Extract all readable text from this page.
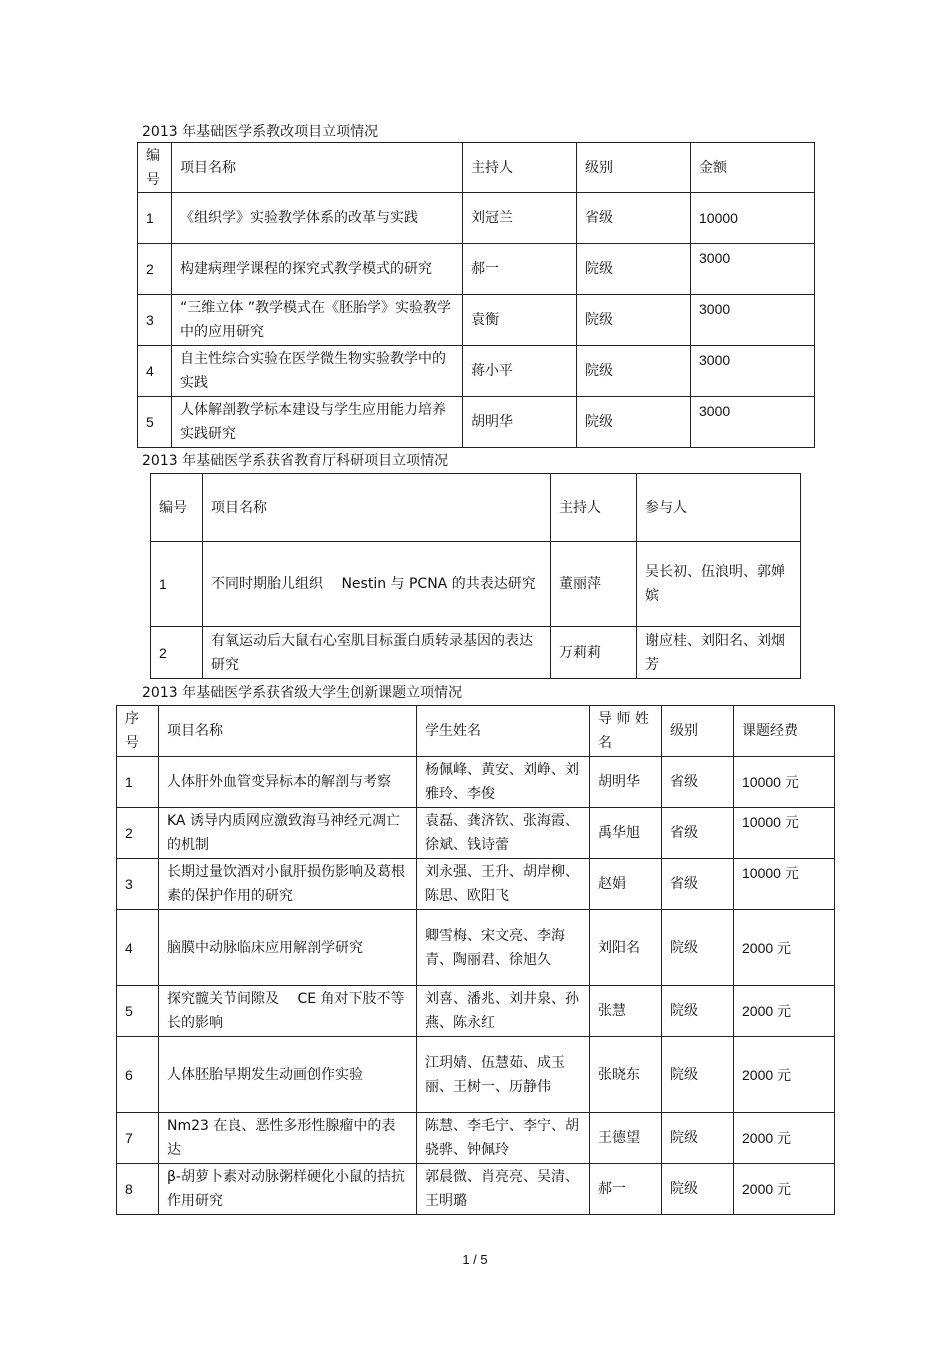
2013 年基础医学系教改项目立项情况
编号	项目名称	主持人	级别	金额
1	《组织学》实验教学体系的改革与实践	刘冠兰	省级	10000
2	构建病理学课程的探究式教学模式的研究	郝一	院级	3000
3	“三维立体 ”教学模式在《胚胎学》实验教学中的应用研究	袁衡	院级	3000
4	自主性综合实验在医学微生物实验教学中的实践	蒋小平	院级	3000
5	人体解剖教学标本建设与学生应用能力培养实践研究	胡明华	院级	3000
2013 年基础医学系获省教育厅科研项目立项情况
编号	项目名称	主持人	参与人
1	不同时期胎儿组织　 Nestin 与 PCNA 的共表达研究	董丽萍	吴长初、伍浪明、郭婵嫔
2	有氧运动后大鼠右心室肌目标蛋白质转录基因的表达研究	万莉莉	谢应桂、刘阳名、刘烟芳
2013 年基础医学系获省级大学生创新课题立项情况
序号	项目名称	学生姓名	导 师 姓 名	级别	课题经费
1	人体肝外血管变异标本的解剖与考察	杨佩峰、黄安、刘峥、刘雅玲、李俊	胡明华	省级	10000 元
2	KA 诱导内质网应激致海马神经元凋亡的机制	袁磊、龚济钦、张海霞、徐斌、钱诗蕾	禹华旭	省级	10000 元
3	长期过量饮酒对小鼠肝损伤影响及葛根素的保护作用的研究	刘永强、王升、胡岸柳、陈思、欧阳飞	赵娟	省级	10000 元
4	脑膜中动脉临床应用解剖学研究	卿雪梅、宋文亮、李海青、陶丽君、徐旭久	刘阳名	院级	2000 元
5	探究髋关节间隙及　 CE 角对下肢不等长的影响	刘喜、潘兆、刘井泉、孙燕、陈永红	张慧	院级	2000 元
6	人体胚胎早期发生动画创作实验	江玥婧、伍慧茹、成玉丽、王树一、历静伟	张晓东	院级	2000 元
7	Nm23 在良、恶性多形性腺瘤中的表达	陈慧、李毛宁、李宁、胡骁骅、钟佩玲	王德望	院级	2000 元
8	β-胡萝卜素对动脉粥样硬化小鼠的拮抗作用研究	郭晨微、肖亮亮、吴清、王明璐	郝一	院级	2000 元
1 / 5
